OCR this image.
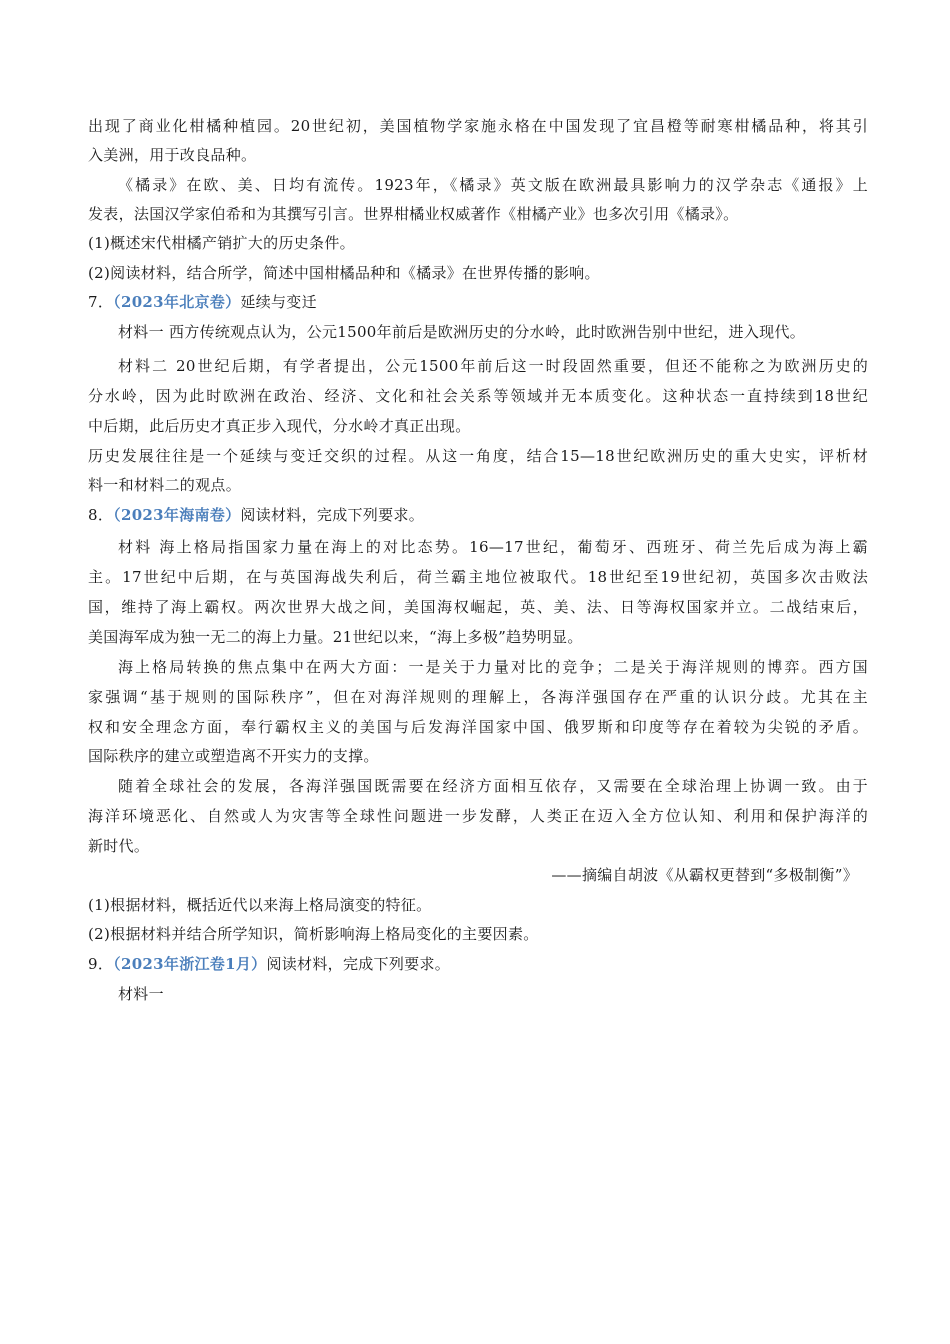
出现了商业化柑橘种植园。20世纪初，美国植物学家施永格在中国发现了宜昌橙等耐寒柑橘品种，将其引
入美洲，用于改良品种。
《橘录》在欧、美、日均有流传。1923年，《橘录》英文版在欧洲最具影响力的汉学杂志《通报》上
发表，法国汉学家伯希和为其撰写引言。世界柑橘业权威著作《柑橘产业》也多次引用《橘录》。
(1)概述宋代柑橘产销扩大的历史条件。
(2)阅读材料，结合所学，简述中国柑橘品种和《橘录》在世界传播的影响。
7．（2023年北京卷）延续与变迁
材料一 西方传统观点认为，公元1500年前后是欧洲历史的分水岭，此时欧洲告别中世纪，进入现代。
材料二 20世纪后期，有学者提出，公元1500年前后这一时段固然重要，但还不能称之为欧洲历史的
分水岭，因为此时欧洲在政治、经济、文化和社会关系等领域并无本质变化。这种状态一直持续到18世纪
中后期，此后历史才真正步入现代，分水岭才真正出现。
历史发展往往是一个延续与变迁交织的过程。从这一角度，结合15—18世纪欧洲历史的重大史实，评析材
料一和材料二的观点。
8．（2023年海南卷）阅读材料，完成下列要求。
材料 海上格局指国家力量在海上的对比态势。16—17世纪，葡萄牙、西班牙、荷兰先后成为海上霸
主。17世纪中后期，在与英国海战失利后，荷兰霸主地位被取代。18世纪至19世纪初，英国多次击败法
国，维持了海上霸权。两次世界大战之间，美国海权崛起，英、美、法、日等海权国家并立。二战结束后，
美国海军成为独一无二的海上力量。21世纪以来，“海上多极”趋势明显。
海上格局转换的焦点集中在两大方面：一是关于力量对比的竞争；二是关于海洋规则的博弈。西方国
家强调“基于规则的国际秩序”，但在对海洋规则的理解上，各海洋强国存在严重的认识分歧。尤其在主
权和安全理念方面，奉行霸权主义的美国与后发海洋国家中国、俄罗斯和印度等存在着较为尖锐的矛盾。
国际秩序的建立或塑造离不开实力的支撑。
随着全球社会的发展，各海洋强国既需要在经济方面相互依存，又需要在全球治理上协调一致。由于
海洋环境恶化、自然或人为灾害等全球性问题进一步发酵，人类正在迈入全方位认知、利用和保护海洋的
新时代。
——摘编自胡波《从霸权更替到“多极制衡”》
(1)根据材料，概括近代以来海上格局演变的特征。
(2)根据材料并结合所学知识，简析影响海上格局变化的主要因素。
9．（2023年浙江卷1月）阅读材料，完成下列要求。
材料一
